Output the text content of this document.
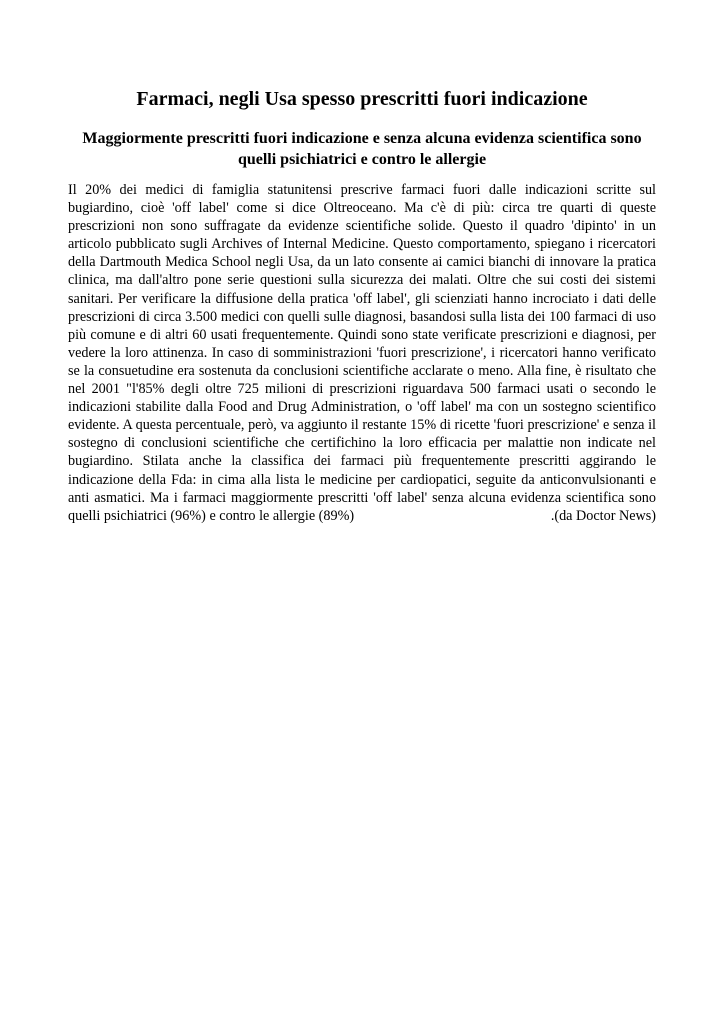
Farmaci, negli Usa spesso prescritti fuori indicazione
Maggiormente prescritti fuori indicazione e senza alcuna evidenza scientifica sono quelli psichiatrici e contro le allergie

Il 20% dei medici di famiglia statunitensi prescrive farmaci fuori dalle indicazioni scritte sul bugiardino, cioè 'off label' come si dice Oltreoceano. Ma c'è di più: circa tre quarti di queste prescrizioni non sono suffragate da evidenze scientifiche solide. Questo il quadro 'dipinto' in un articolo pubblicato sugli Archives of Internal Medicine. Questo comportamento, spiegano i ricercatori della Dartmouth Medica School negli Usa, da un lato consente ai camici bianchi di innovare la pratica clinica, ma dall'altro pone serie questioni sulla sicurezza dei malati. Oltre che sui costi dei sistemi sanitari. Per verificare la diffusione della pratica 'off label', gli scienziati hanno incrociato i dati delle prescrizioni di circa 3.500 medici con quelli sulle diagnosi, basandosi sulla lista dei 100 farmaci di uso più comune e di altri 60 usati frequentemente. Quindi sono state verificate prescrizioni e diagnosi, per vedere la loro attinenza. In caso di somministrazioni 'fuori prescrizione', i ricercatori hanno verificato se la consuetudine era sostenuta da conclusioni scientifiche acclarate o meno. Alla fine, è risultato che nel 2001 "l'85% degli oltre 725 milioni di prescrizioni riguardava 500 farmaci usati o secondo le indicazioni stabilite dalla Food and Drug Administration, o 'off label' ma con un sostegno scientifico evidente. A questa percentuale, però, va aggiunto il restante 15% di ricette 'fuori prescrizione' e senza il sostegno di conclusioni scientifiche che certifichino la loro efficacia per malattie non indicate nel bugiardino. Stilata anche la classifica dei farmaci più frequentemente prescritti aggirando le indicazione della Fda: in cima alla lista le medicine per cardiopatici, seguite da anticonvulsionanti e anti asmatici. Ma i farmaci maggiormente prescritti 'off label' senza alcuna evidenza scientifica sono quelli psichiatrici (96%) e contro le allergie (89%)	.(da Doctor News)
